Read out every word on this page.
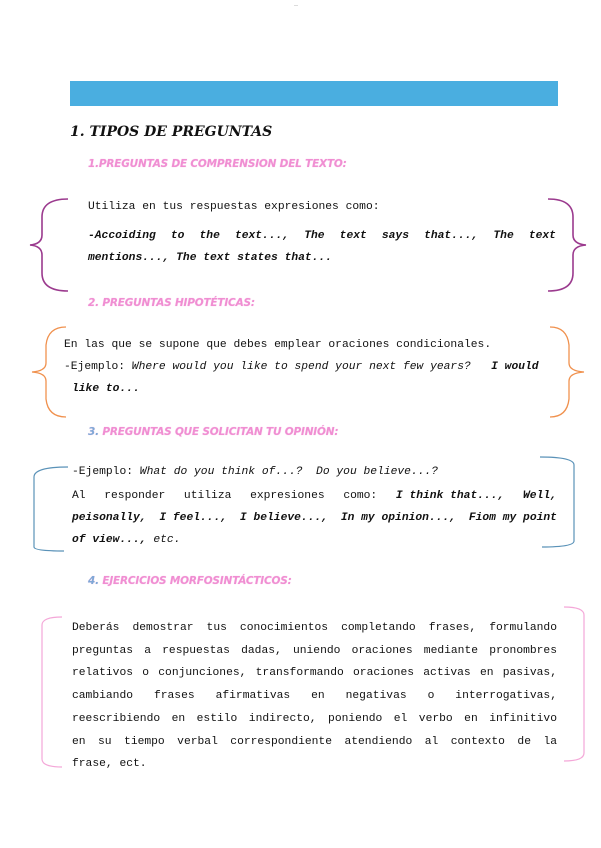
—
1. TIPOS DE PREGUNTAS
1.PREGUNTAS DE COMPRENSION DEL TEXTO:
Utiliza en tus respuestas expresiones como:
-Accoiding to the text..., The text says that..., The text
mentions..., The text states that...
2. PREGUNTAS HIPOTÉTICAS:
En las que se supone que debes emplear oraciones condicionales.
-Ejemplo: Where would you like to spend your next few years? I would
like to...
3. PREGUNTAS QUE SOLICITAN TU OPINIÓN:
-Ejemplo: What do you think of...?  Do you believe...?
Al responder utiliza expresiones como: I think that..., Well,
peisonally, I feel..., I believe..., In my opinion..., Fiom my point
of view..., etc.
4. EJERCICIOS MORFOSINTÁCTICOS:
Deberás demostrar tus conocimientos completando frases, formulando
preguntas a respuestas dadas, uniendo oraciones mediante pronombres
relativos o conjunciones, transformando oraciones activas en pasivas,
cambiando frases afirmativas en negativas o interrogativas,
reescribiendo en estilo indirecto, poniendo el verbo en infinitivo
en su tiempo verbal correspondiente atendiendo al contexto de la
frase, ect.
